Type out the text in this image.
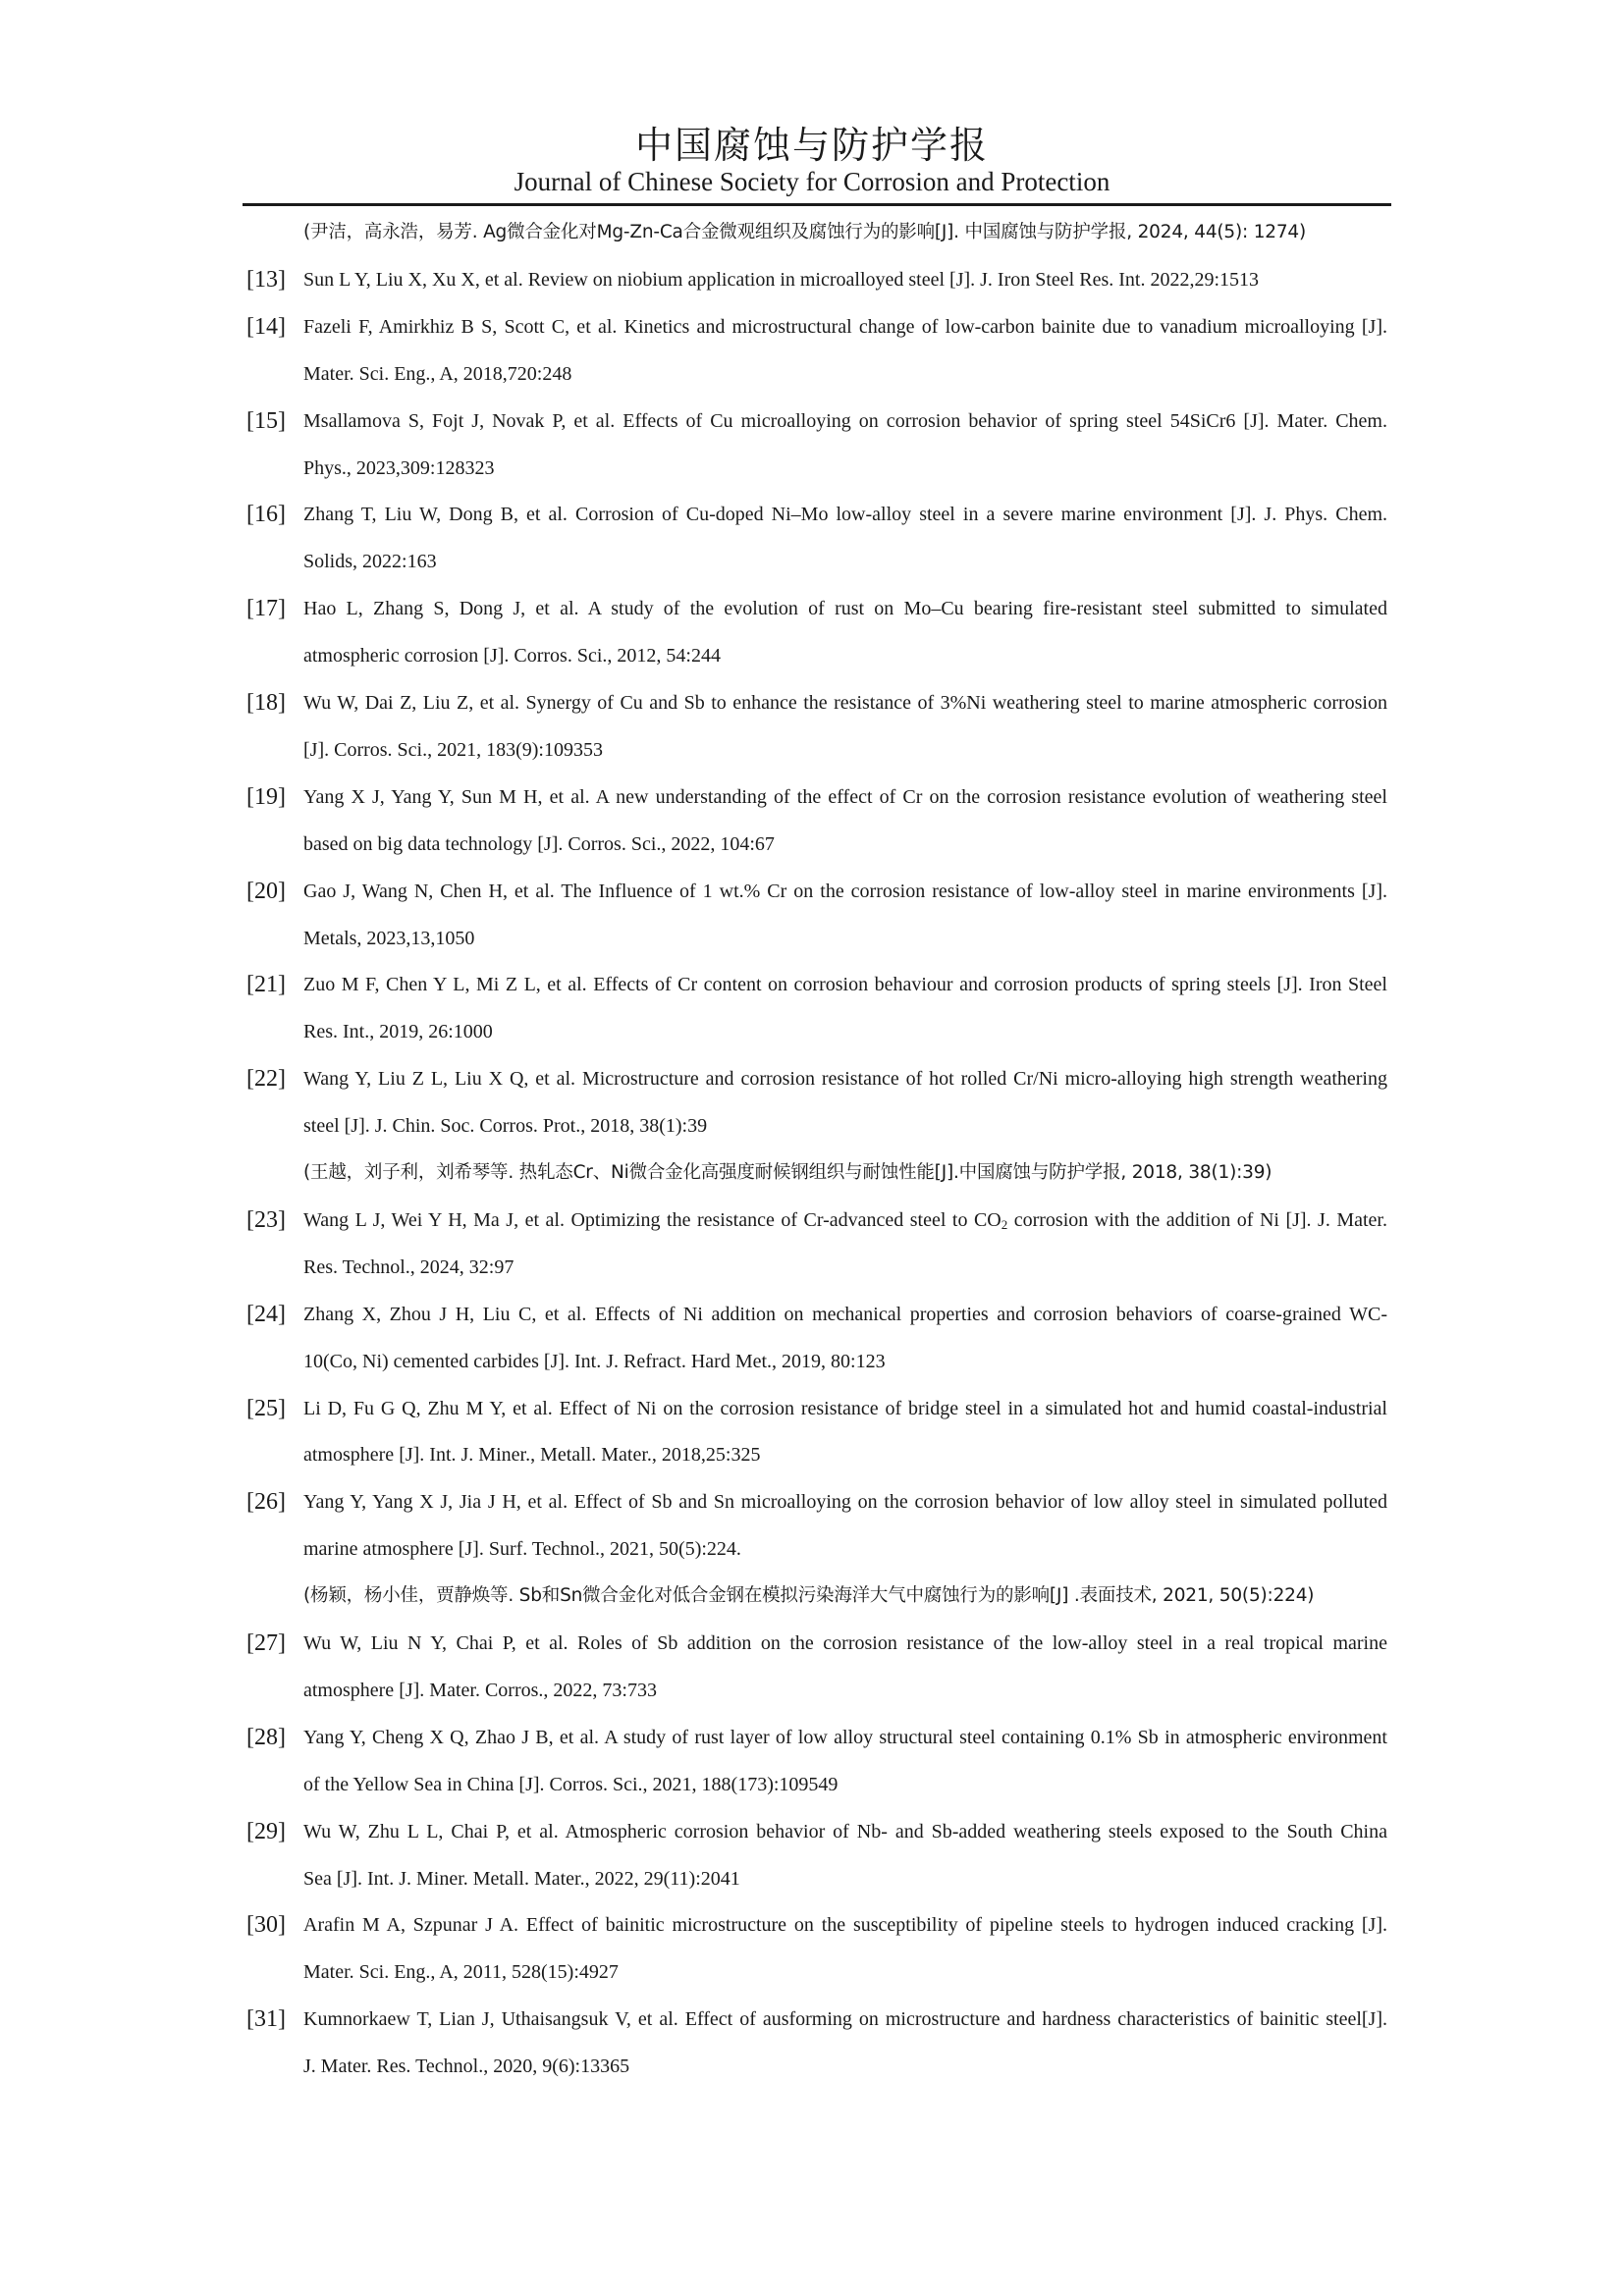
中国腐蚀与防护学报
Journal of Chinese Society for Corrosion and Protection
(尹洁，高永浩，易芳. Ag微合金化对Mg-Zn-Ca合金微观组织及腐蚀行为的影响[J]. 中国腐蚀与防护学报, 2024, 44(5): 1274)
[13] Sun L Y, Liu X, Xu X, et al. Review on niobium application in microalloyed steel [J]. J. Iron Steel Res. Int. 2022,29:1513
[14] Fazeli F, Amirkhiz B S, Scott C, et al. Kinetics and microstructural change of low-carbon bainite due to vanadium microalloying [J].
Mater. Sci. Eng., A, 2018,720:248
[15] Msallamova S, Fojt J, Novak P, et al. Effects of Cu microalloying on corrosion behavior of spring steel 54SiCr6 [J]. Mater. Chem.
Phys., 2023,309:128323
[16] Zhang T, Liu W, Dong B, et al. Corrosion of Cu-doped Ni–Mo low-alloy steel in a severe marine environment [J]. J. Phys. Chem.
Solids, 2022:163
[17] Hao L, Zhang S, Dong J, et al. A study of the evolution of rust on Mo–Cu bearing fire-resistant steel submitted to simulated
atmospheric corrosion [J]. Corros. Sci., 2012, 54:244
[18] Wu W, Dai Z, Liu Z, et al. Synergy of Cu and Sb to enhance the resistance of 3%Ni weathering steel to marine atmospheric corrosion
[J]. Corros. Sci., 2021, 183(9):109353
[19] Yang X J, Yang Y, Sun M H, et al. A new understanding of the effect of Cr on the corrosion resistance evolution of weathering steel
based on big data technology [J]. Corros. Sci., 2022, 104:67
[20] Gao J, Wang N, Chen H, et al. The Influence of 1 wt.% Cr on the corrosion resistance of low-alloy steel in marine environments [J].
Metals, 2023,13,1050
[21] Zuo M F, Chen Y L, Mi Z L, et al. Effects of Cr content on corrosion behaviour and corrosion products of spring steels [J]. Iron Steel
Res. Int., 2019, 26:1000
[22] Wang Y, Liu Z L, Liu X Q, et al. Microstructure and corrosion resistance of hot rolled Cr/Ni micro-alloying high strength weathering
steel [J]. J. Chin. Soc. Corros. Prot., 2018, 38(1):39
(王越，刘子利，刘希琴等. 热轧态Cr、Ni微合金化高强度耐候钢组织与耐蚀性能[J].中国腐蚀与防护学报, 2018, 38(1):39)
[23] Wang L J, Wei Y H, Ma J, et al. Optimizing the resistance of Cr-advanced steel to $CO_2$ corrosion with the addition of Ni [J]. J. Mater.
Res. Technol., 2024, 32:97
[24] Zhang X, Zhou J H, Liu C, et al. Effects of Ni addition on mechanical properties and corrosion behaviors of coarse-grained WC-
10(Co, Ni) cemented carbides [J]. Int. J. Refract. Hard Met., 2019, 80:123
[25] Li D, Fu G Q, Zhu M Y, et al. Effect of Ni on the corrosion resistance of bridge steel in a simulated hot and humid coastal-industrial
atmosphere [J]. Int. J. Miner., Metall. Mater., 2018,25:325
[26] Yang Y, Yang X J, Jia J H, et al. Effect of Sb and Sn microalloying on the corrosion behavior of low alloy steel in simulated polluted
marine atmosphere [J]. Surf. Technol., 2021, 50(5):224.
(杨颖，杨小佳，贾静焕等. Sb和Sn微合金化对低合金钢在模拟污染海洋大气中腐蚀行为的影响[J] .表面技术, 2021, 50(5):224)
[27] Wu W, Liu N Y, Chai P, et al. Roles of Sb addition on the corrosion resistance of the low-alloy steel in a real tropical marine
atmosphere [J]. Mater. Corros., 2022, 73:733
[28] Yang Y, Cheng X Q, Zhao J B, et al. A study of rust layer of low alloy structural steel containing 0.1% Sb in atmospheric environment
of the Yellow Sea in China [J]. Corros. Sci., 2021, 188(173):109549
[29] Wu W, Zhu L L, Chai P, et al. Atmospheric corrosion behavior of Nb- and Sb-added weathering steels exposed to the South China
Sea [J]. Int. J. Miner. Metall. Mater., 2022, 29(11):2041
[30] Arafin M A, Szpunar J A. Effect of bainitic microstructure on the susceptibility of pipeline steels to hydrogen induced cracking [J].
Mater. Sci. Eng., A, 2011, 528(15):4927
[31] Kumnorkaew T, Lian J, Uthaisangsuk V, et al. Effect of ausforming on microstructure and hardness characteristics of bainitic steel[J].
J. Mater. Res. Technol., 2020, 9(6):13365
